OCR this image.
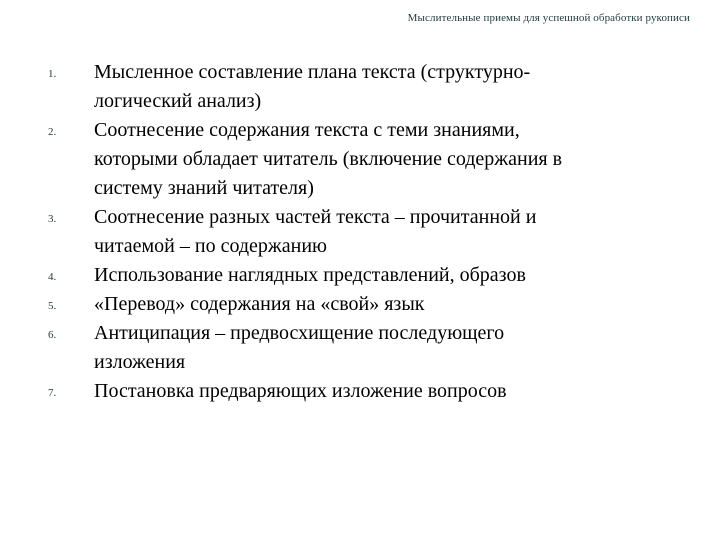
Мыслительные приемы для успешной обработки рукописи
1. Мысленное составление плана текста (структурно-
логический анализ)
2. Соотнесение содержания текста с теми знаниями,
которыми обладает читатель (включение содержания в
систему знаний читателя)
3. Соотнесение разных частей текста – прочитанной и
читаемой – по содержанию
4. Использование наглядных представлений, образов
5. «Перевод» содержания на «свой» язык
6. Антиципация – предвосхищение последующего
изложения
7. Постановка предваряющих изложение вопросов
